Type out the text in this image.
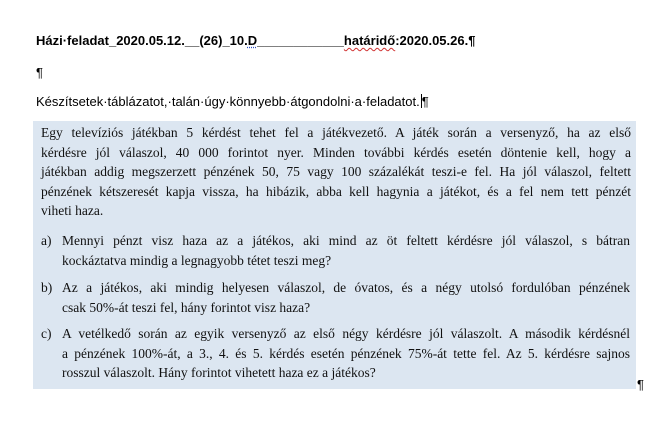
Házi·feladat_2020.05.12.__(26)_10.D____________határidő:2020.05.26.¶
¶
Készítsetek·táblázatot,·talán·úgy·könnyebb·átgondolni·a·feladatot. ¶
Egy televíziós játékban 5 kérdést tehet fel a játékvezető. A játék során a versenyző, ha az első
kérdésre jól válaszol, 40 000 forintot nyer. Minden további kérdés esetén döntenie kell, hogy a
játékban addig megszerzett pénzének 50, 75 vagy 100 százalékát teszi-e fel. Ha jól válaszol, feltett
pénzének kétszeresét kapja vissza, ha hibázik, abba kell hagynia a játékot, és a fel nem tett pénzét
viheti haza.
a) Mennyi pénzt visz haza az a játékos, aki mind az öt feltett kérdésre jól válaszol, s bátran
kockáztatva mindig a legnagyobb tétet teszi meg?
b) Az a játékos, aki mindig helyesen válaszol, de óvatos, és a négy utolsó fordulóban pénzének
csak 50%-át teszi fel, hány forintot visz haza?
c) A vetélkedő során az egyik versenyző az első négy kérdésre jól válaszolt. A második kérdésnél
a pénzének 100%-át, a 3., 4. és 5. kérdés esetén pénzének 75%-át tette fel. Az 5. kérdésre sajnos
rosszul válaszolt. Hány forintot vihetett haza ez a játékos?
¶
